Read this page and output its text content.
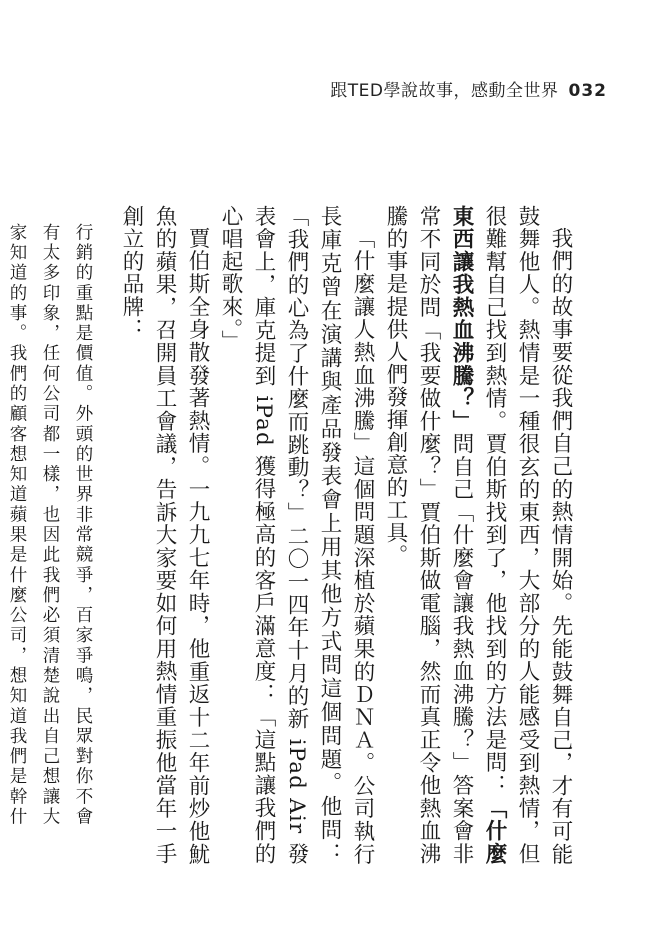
跟TED學說故事，感動全世界 032

我們的故事要從我們自己的熱情開始。先能鼓舞自己，才有可能鼓舞他人。熱情是一種很玄的東西，大部分的人能感受到熱情，但很難幫自己找到熱情。賈伯斯找到了，他找到的方法是問：「什麼東西讓我熱血沸騰？」問自己「什麼會讓我熱血沸騰？」答案會非常不同於問「我要做什麼？」賈伯斯做電腦，然而真正令他熱血沸騰的事是提供人們發揮創意的工具。

「什麼讓人熱血沸騰」這個問題深植於蘋果的ＤＮＡ。公司執行長庫克曾在演講與產品發表會上用其他方式問這個問題。他問：「我們的心為了什麼而跳動？」二〇一四年十月的新 iPad Air 發表會上，庫克提到 iPad 獲得極高的客戶滿意度：「這點讓我們的心唱起歌來。」

賈伯斯全身散發著熱情。一九九七年時，他重返十二年前炒他魷魚的蘋果，召開員工會議，告訴大家要如何用熱情重振他當年一手創立的品牌：

行銷的重點是價值。外頭的世界非常競爭，百家爭鳴，民眾對你不會有太多印象，任何公司都一樣，也因此我們必須清楚說出自己想讓大家知道的事。我們的顧客想知道蘋果是什麼公司，想知道我們是幹什
